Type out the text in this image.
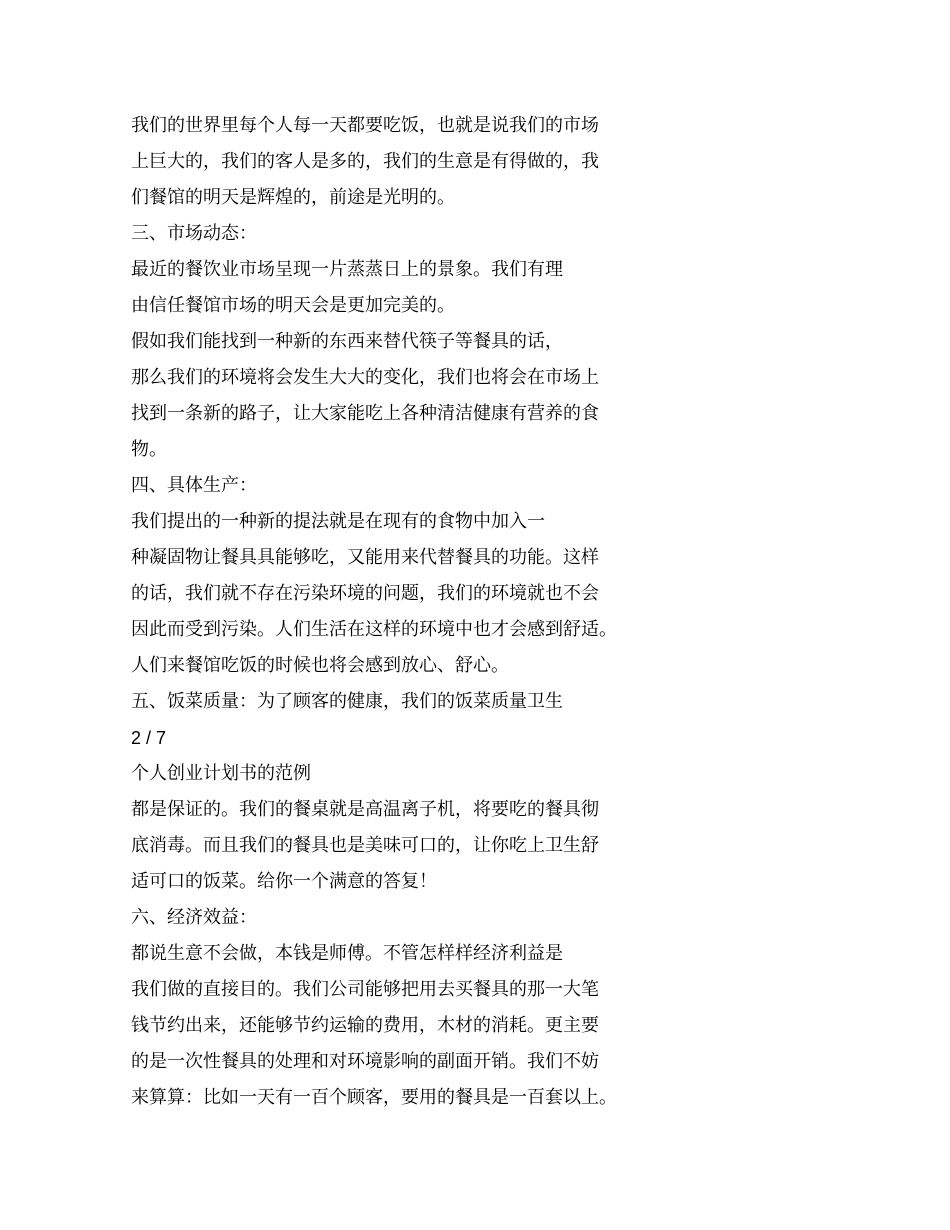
我们的世界里每个人每一天都要吃饭，也就是说我们的市场
上巨大的，我们的客人是多的，我们的生意是有得做的，我
们餐馆的明天是辉煌的，前途是光明的。
三、市场动态：
最近的餐饮业市场呈现一片蒸蒸日上的景象。我们有理
由信任餐馆市场的明天会是更加完美的。
假如我们能找到一种新的东西来替代筷子等餐具的话，
那么我们的环境将会发生大大的变化，我们也将会在市场上
找到一条新的路子，让大家能吃上各种清洁健康有营养的食
物。
四、具体生产：
我们提出的一种新的提法就是在现有的食物中加入一
种凝固物让餐具具能够吃，又能用来代替餐具的功能。这样
的话，我们就不存在污染环境的问题，我们的环境就也不会
因此而受到污染。人们生活在这样的环境中也才会感到舒适。
人们来餐馆吃饭的时候也将会感到放心、舒心。
五、饭菜质量：为了顾客的健康，我们的饭菜质量卫生
2 / 7
个人创业计划书的范例
都是保证的。我们的餐桌就是高温离子机，将要吃的餐具彻
底消毒。而且我们的餐具也是美味可口的，让你吃上卫生舒
适可口的饭菜。给你一个满意的答复！
六、经济效益：
都说生意不会做，本钱是师傅。不管怎样样经济利益是
我们做的直接目的。我们公司能够把用去买餐具的那一大笔
钱节约出来，还能够节约运输的费用，木材的消耗。更主要
的是一次性餐具的处理和对环境影响的副面开销。我们不妨
来算算：比如一天有一百个顾客，要用的餐具是一百套以上。
